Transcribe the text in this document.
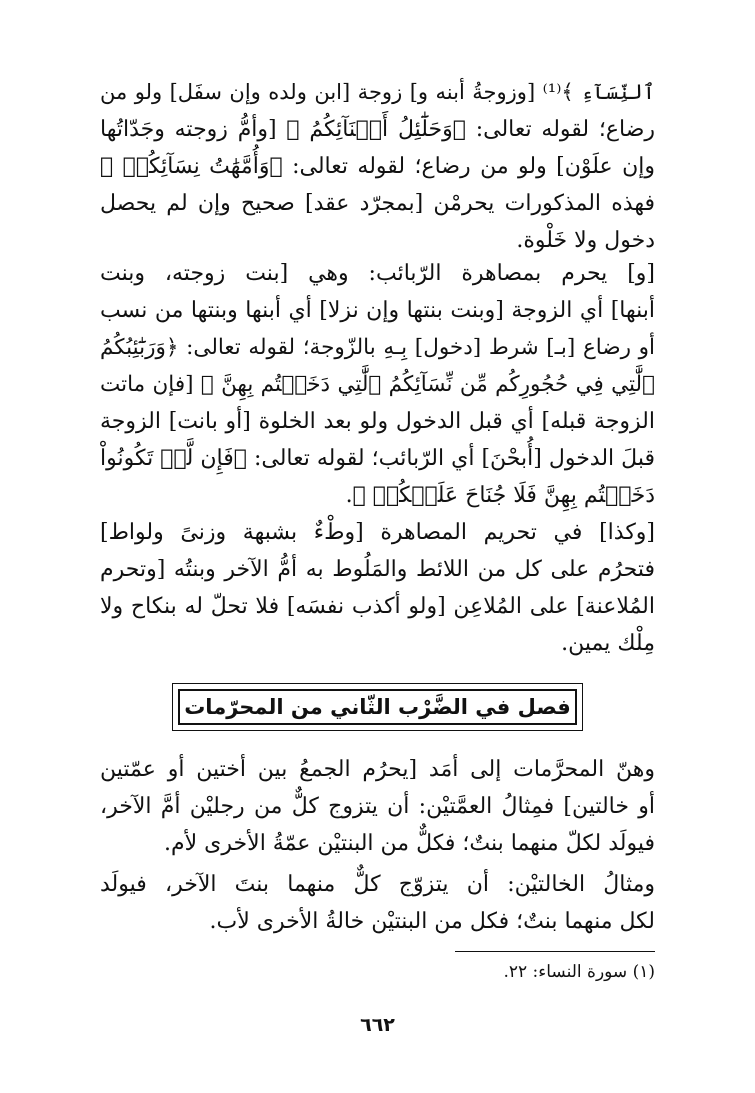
ٱلنِّسَآءِ ﴾⁽¹⁾ [وزوجةُ أبنه و] زوجة [ابن ولده وإن سفَل] ولو من
رضاع؛ لقوله تعالى: ﴿وَحَلَٰٓئِلُ أَبۡنَآئِكُمُ ﴾ [وأمُّ زوجته وجَدّاتُها
وإن علَوْن] ولو من رضاع؛ لقوله تعالى: ﴿وَأُمَّهَٰتُ نِسَآئِكُمۡ ﴾
فهذه المذكورات يحرمْن [بمجرّد عقد] صحيح وإن لم يحصل
دخول ولا خَلْوة.
[و] يحرم بمصاهرة الرّبائب: وهي [بنت زوجته، وبنت
أبنها] أي الزوجة [وبنت بنتها وإن نزلا] أي أبنها وبنتها من نسب
أو رضاع [بـ] شرط [دخول] بِـهِ بالزّوجة؛ لقوله تعالى: ﴿وَرَبَٰٓئِبُكُمُ
ٱلَّٰتِي فِي حُجُورِكُم مِّن نِّسَآئِكُمُ ٱلَّٰتِي دَخَلۡتُم بِهِنَّ ﴾ [فإن ماتت
الزوجة قبله] أي قبل الدخول ولو بعد الخلوة [أو بانت] الزوجة
قبلَ الدخول [أُبحْنَ] أي الرّبائب؛ لقوله تعالى: ﴿فَإِن لَّمۡ تَكُونُواْ
دَخَلۡتُم بِهِنَّ فَلَا جُنَاحَ عَلَيۡكُمۡ ﴾.
[وكذا] في تحريم المصاهرة [وطْءٌ بشبهة وزنىً ولواط]
فتحرُم على كل من اللائط والمَلُوط به أمُّ الآخر وبنتُه [وتحرم
المُلاعنة] على المُلاعِن [ولو أكذب نفسَه] فلا تحلّ له بنكاح ولا
مِلْك يمين.
فصل في الضَّرْب الثّاني من المحرّمات
وهنّ المحرَّمات إلى أمَد [يحرُم الجمعُ بين أختين أو عمّتين
أو خالتين] فمِثالُ العمَّتيْن: أن يتزوج كلٌّ من رجليْن أمَّ الآخر،
فيولَد لكلّ منهما بنتٌ؛ فكلٌّ من البنتيْن عمّةُ الأخرى لأم.
ومثالُ الخالتيْن: أن يتزوّج كلٌّ منهما بنتَ الآخر، فيولَد
لكل منهما بنتٌ؛ فكل من البنتيْن خالةُ الأخرى لأب.
(١) سورة النساء: ٢٢.
٦٦٢
